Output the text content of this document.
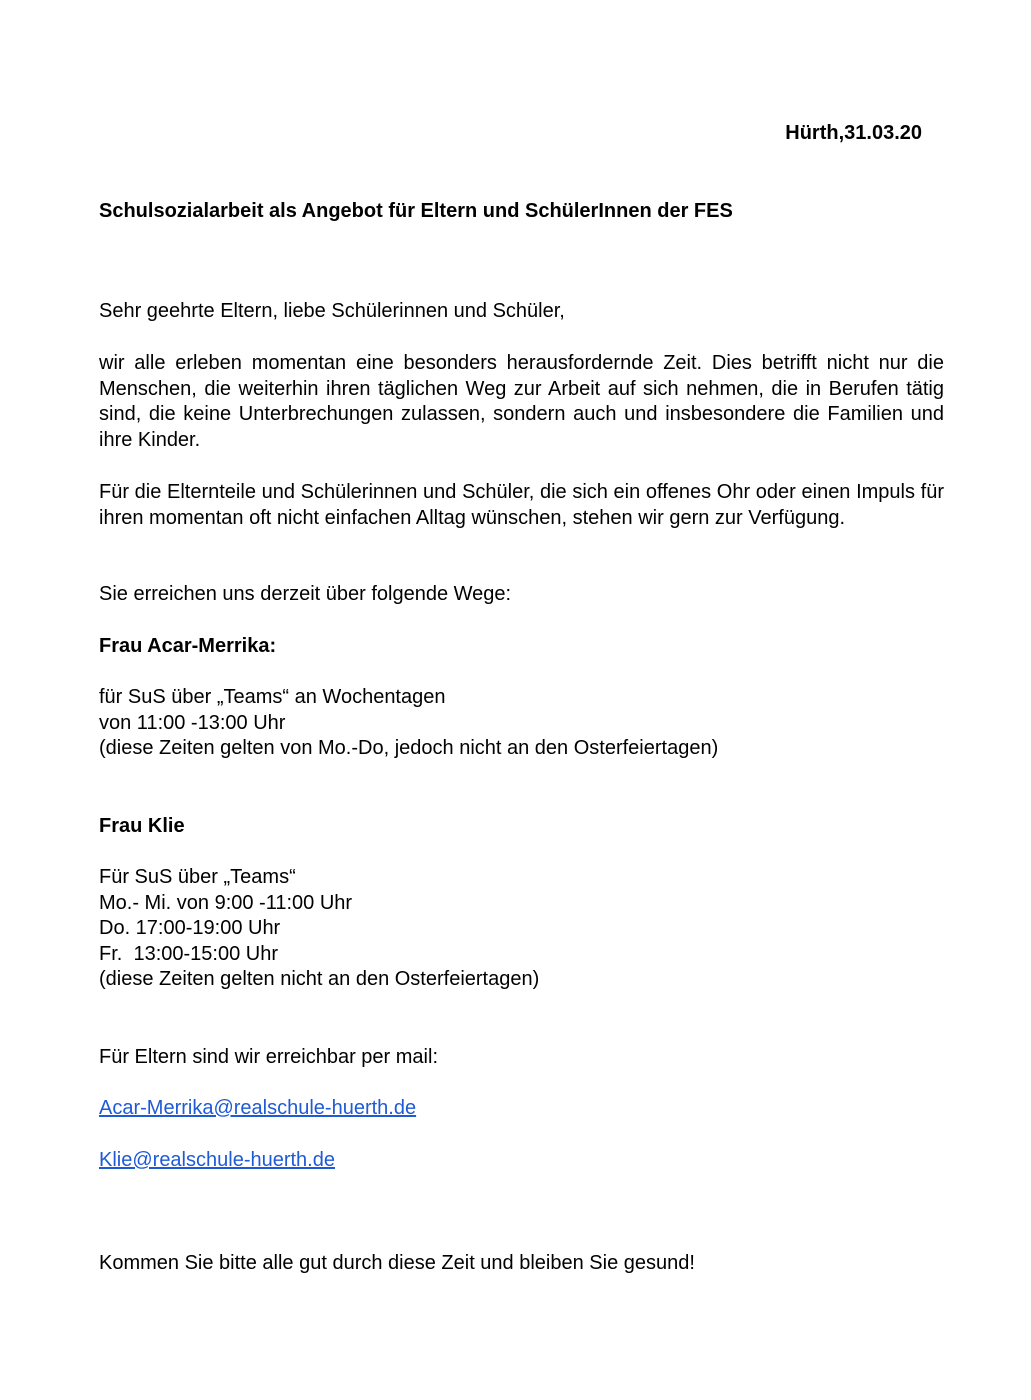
Hürth,31.03.20
Schulsozialarbeit als Angebot für Eltern und SchülerInnen der FES
Sehr geehrte Eltern, liebe Schülerinnen und Schüler,
wir alle erleben momentan eine besonders herausfordernde Zeit. Dies betrifft nicht nur die Menschen, die weiterhin ihren täglichen Weg zur Arbeit auf sich nehmen, die in Berufen tätig sind, die keine Unterbrechungen zulassen, sondern auch und insbesondere die Familien und ihre Kinder.
Für die Elternteile und Schülerinnen und Schüler, die sich ein offenes Ohr oder einen Impuls für ihren momentan oft nicht einfachen Alltag wünschen, stehen wir gern zur Verfügung.
Sie erreichen uns derzeit über folgende Wege:
Frau Acar-Merrika:
für SuS über „Teams“ an Wochentagen
von 11:00 -13:00 Uhr
(diese Zeiten gelten von Mo.-Do, jedoch nicht an den Osterfeiertagen)
Frau Klie
Für SuS über „Teams“
Mo.- Mi. von 9:00 -11:00 Uhr
Do. 17:00-19:00 Uhr
Fr.  13:00-15:00 Uhr
(diese Zeiten gelten nicht an den Osterfeiertagen)
Für Eltern sind wir erreichbar per mail:
Acar-Merrika@realschule-huerth.de
Klie@realschule-huerth.de
Kommen Sie bitte alle gut durch diese Zeit und bleiben Sie gesund!
